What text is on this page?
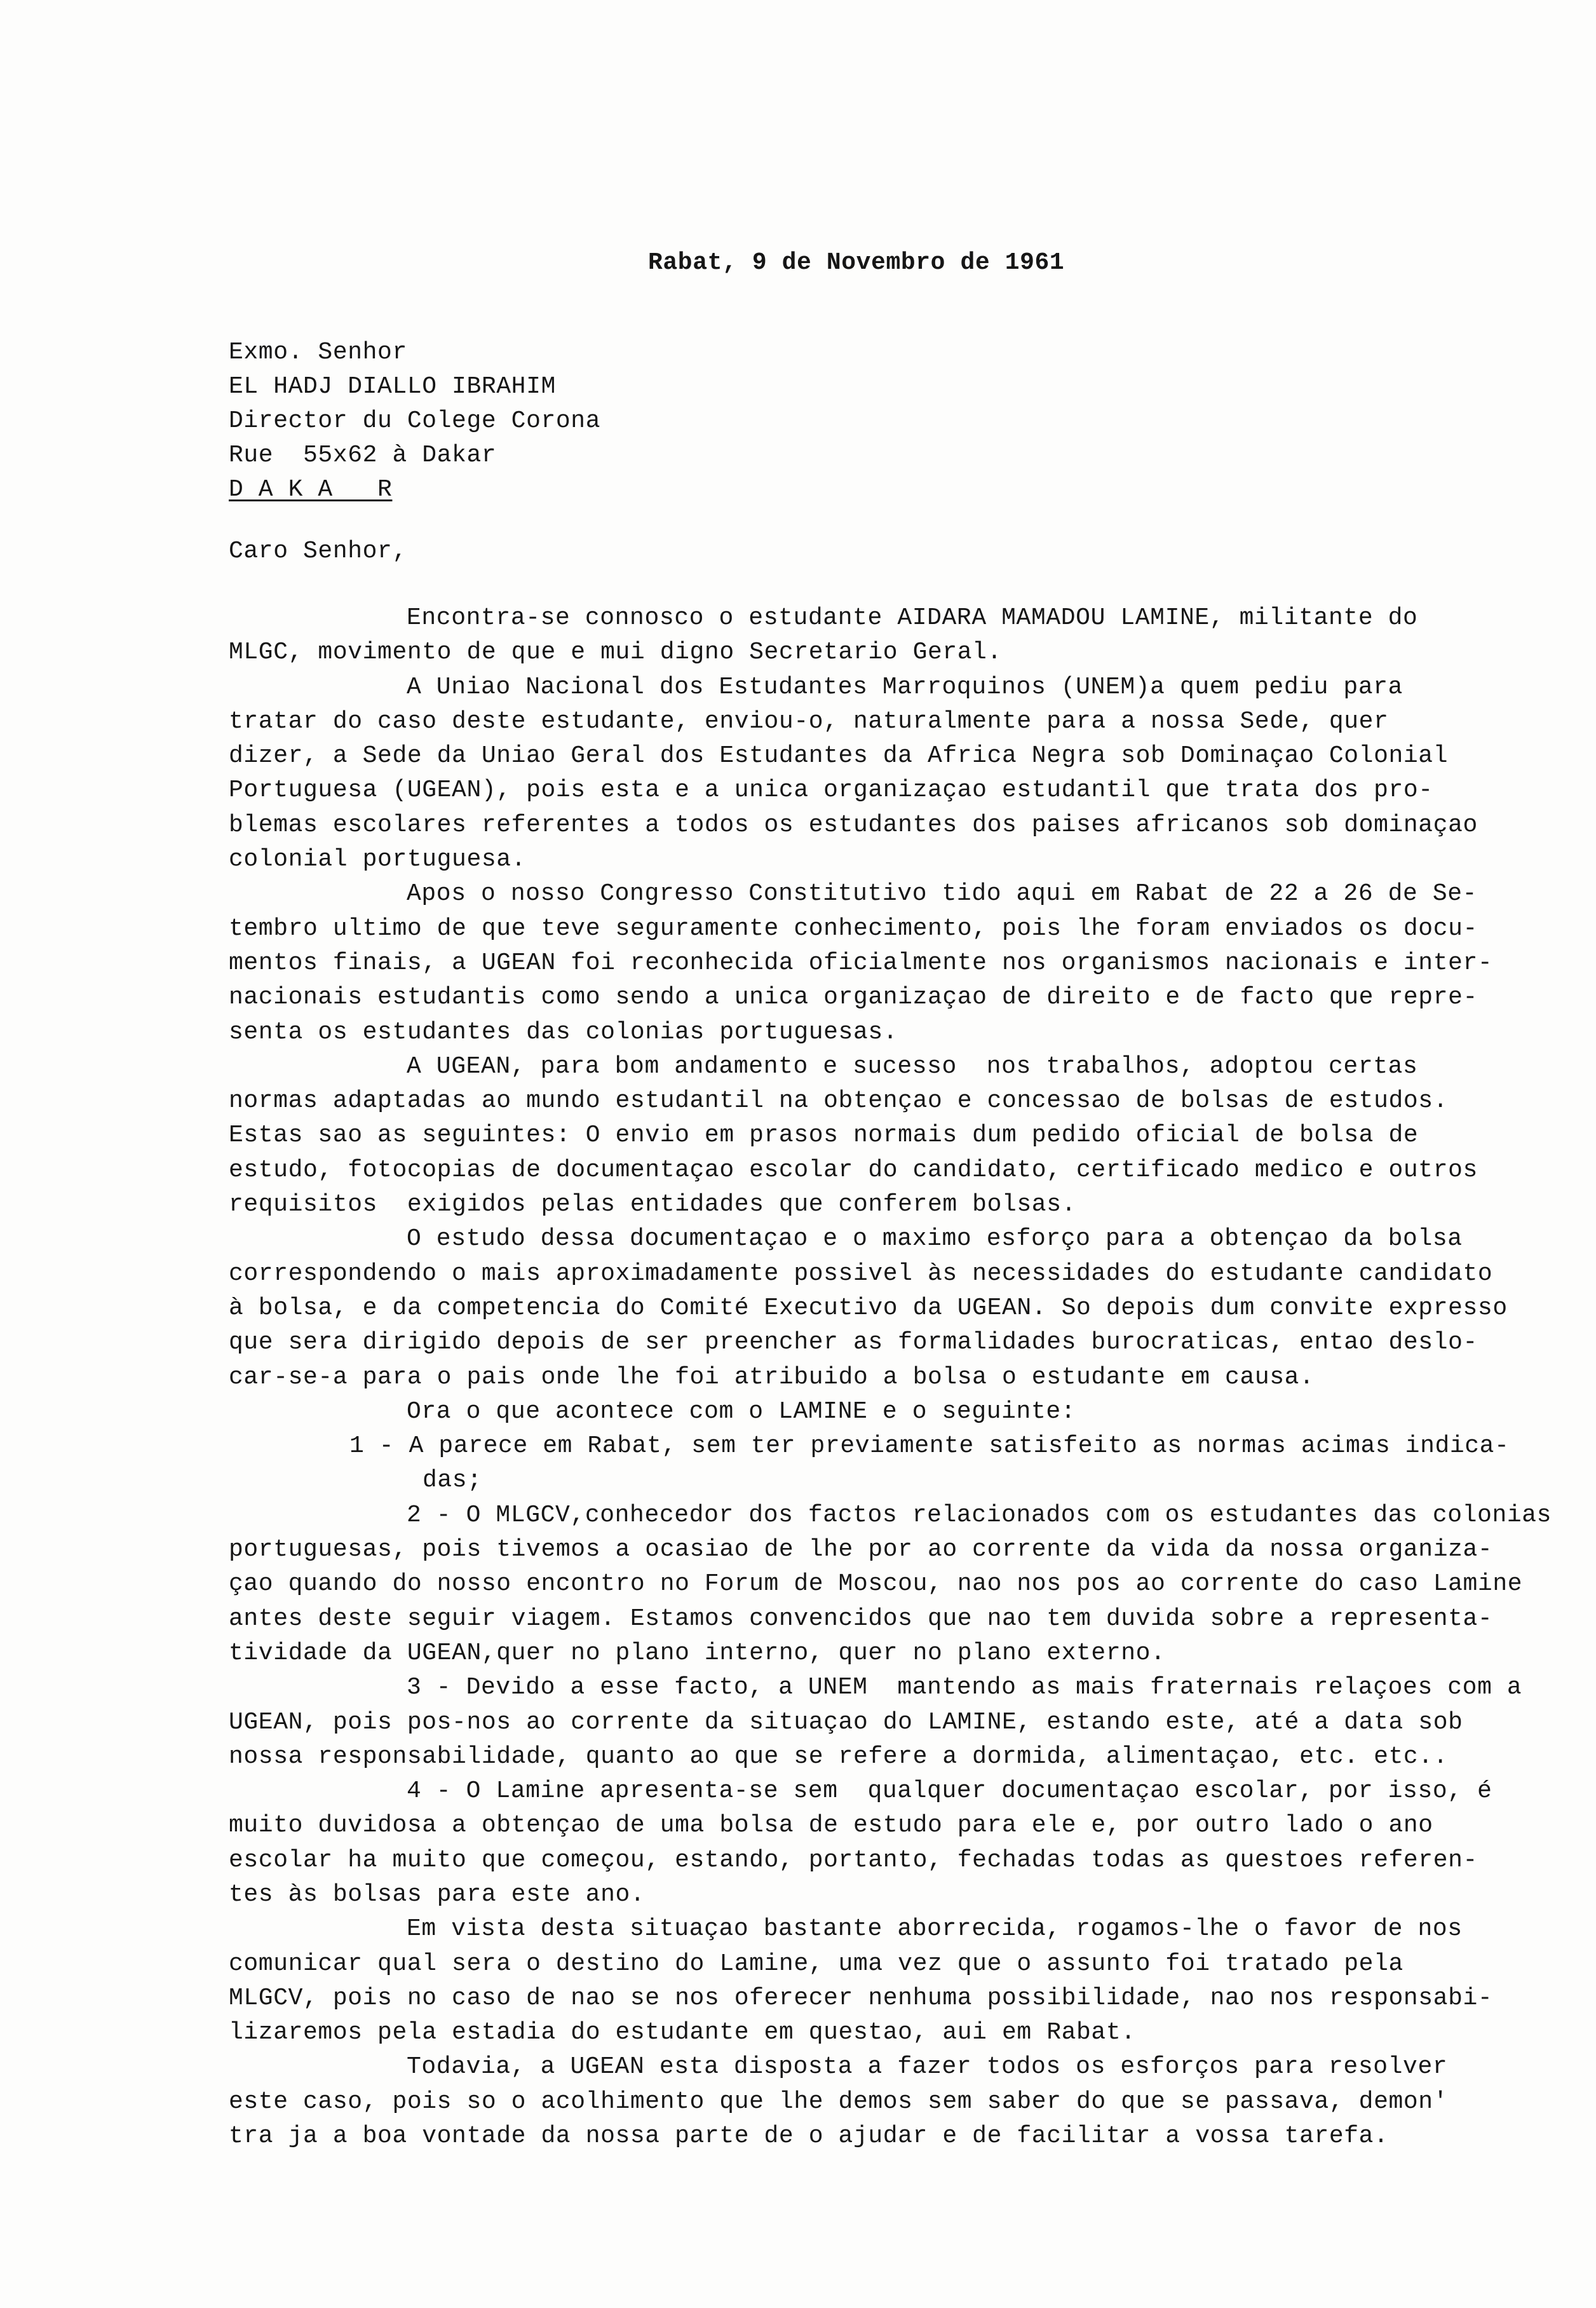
Rabat, 9 de Novembro de 1961
Exmo. Senhor
EL HADJ DIALLO IBRAHIM
Director du Colege Corona
Rue  55x62 à Dakar
D A K A   R
Caro Senhor,
Encontra-se connosco o estudante AIDARA MAMADOU LAMINE, militante do
MLGC, movimento de que e mui digno Secretario Geral.
A Uniao Nacional dos Estudantes Marroquinos (UNEM)a quem pediu para
tratar do caso deste estudante, enviou-o, naturalmente para a nossa Sede, quer
dizer, a Sede da Uniao Geral dos Estudantes da Africa Negra sob Dominaçao Colonial
Portuguesa (UGEAN), pois esta e a unica organizaçao estudantil que trata dos pro-
blemas escolares referentes a todos os estudantes dos paises africanos sob dominaçao
colonial portuguesa.
Apos o nosso Congresso Constitutivo tido aqui em Rabat de 22 a 26 de Se-
tembro ultimo de que teve seguramente conhecimento, pois lhe foram enviados os docu-
mentos finais, a UGEAN foi reconhecida oficialmente nos organismos nacionais e inter-
nacionais estudantis como sendo a unica organizaçao de direito e de facto que repre-
senta os estudantes das colonias portuguesas.
A UGEAN, para bom andamento e sucesso  nos trabalhos, adoptou certas
normas adaptadas ao mundo estudantil na obtençao e concessao de bolsas de estudos.
Estas sao as seguintes: O envio em prasos normais dum pedido oficial de bolsa de
estudo, fotocopias de documentaçao escolar do candidato, certificado medico e outros
requisitos  exigidos pelas entidades que conferem bolsas.
O estudo dessa documentaçao e o maximo esforço para a obtençao da bolsa
correspondendo o mais aproximadamente possivel às necessidades do estudante candidato
à bolsa, e da competencia do Comité Executivo da UGEAN. So depois dum convite expresso
que sera dirigido depois de ser preencher as formalidades burocraticas, entao deslo-
car-se-a para o pais onde lhe foi atribuido a bolsa o estudante em causa.
Ora o que acontece com o LAMINE e o seguinte:
1 - A parece em Rabat, sem ter previamente satisfeito as normas acimas indica-
das;
2 - O MLGCV,conhecedor dos factos relacionados com os estudantes das colonias
portuguesas, pois tivemos a ocasiao de lhe por ao corrente da vida da nossa organiza-
çao quando do nosso encontro no Forum de Moscou, nao nos pos ao corrente do caso Lamine
antes deste seguir viagem. Estamos convencidos que nao tem duvida sobre a representa-
tividade da UGEAN,quer no plano interno, quer no plano externo.
3 - Devido a esse facto, a UNEM  mantendo as mais fraternais relaçoes com a
UGEAN, pois pos-nos ao corrente da situaçao do LAMINE, estando este, até a data sob
nossa responsabilidade, quanto ao que se refere a dormida, alimentaçao, etc. etc..
4 - O Lamine apresenta-se sem  qualquer documentaçao escolar, por isso, é
muito duvidosa a obtençao de uma bolsa de estudo para ele e, por outro lado o ano
escolar ha muito que começou, estando, portanto, fechadas todas as questoes referen-
tes às bolsas para este ano.
Em vista desta situaçao bastante aborrecida, rogamos-lhe o favor de nos
comunicar qual sera o destino do Lamine, uma vez que o assunto foi tratado pela
MLGCV, pois no caso de nao se nos oferecer nenhuma possibilidade, nao nos responsabi-
lizaremos pela estadia do estudante em questao, aui em Rabat.
Todavia, a UGEAN esta disposta a fazer todos os esforços para resolver
este caso, pois so o acolhimento que lhe demos sem saber do que se passava, demon'
tra ja a boa vontade da nossa parte de o ajudar e de facilitar a vossa tarefa.
